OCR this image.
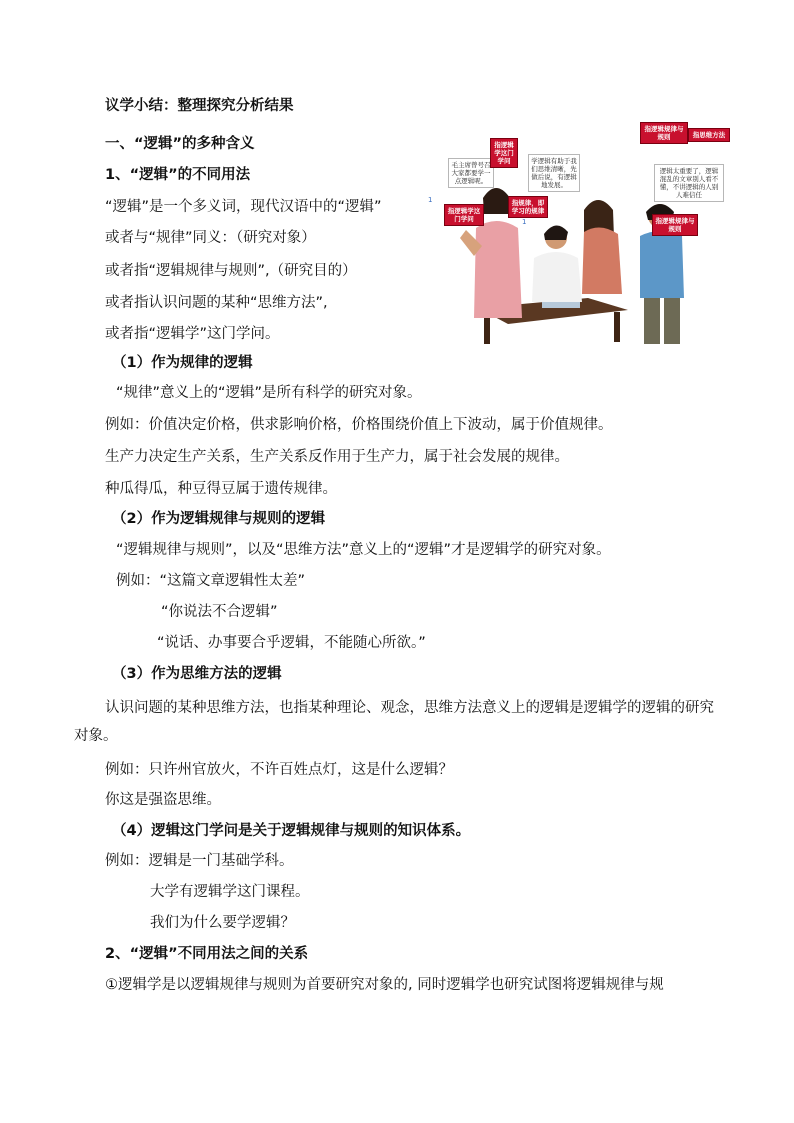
议学小结：整理探究分析结果
一、“逻辑”的多种含义
1、“逻辑”的不同用法
“逻辑”是一个多义词，现代汉语中的“逻辑”
或者与“规律”同义：（研究对象）
或者指“逻辑规律与规则”,（研究目的）
或者指认识问题的某种“思维方法”,
或者指“逻辑学”这门学问。
（1）作为规律的逻辑
“规律”意义上的“逻辑”是所有科学的研究对象。
例如：价值决定价格，供求影响价格，价格围绕价值上下波动，属于价值规律。
生产力决定生产关系，生产关系反作用于生产力，属于社会发展的规律。
种瓜得瓜，种豆得豆属于遗传规律。
（2）作为逻辑规律与规则的逻辑
“逻辑规律与规则”，以及“思维方法”意义上的“逻辑”才是逻辑学的研究对象。
例如：“这篇文章逻辑性太差”
“你说法不合逻辑”
“说话、办事要合乎逻辑，不能随心所欲。”
（3）作为思维方法的逻辑
认识问题的某种思维方法，也指某种理论、观念，思维方法意义上的逻辑是逻辑学的逻辑的研究对象。
例如：只许州官放火，不许百姓点灯，这是什么逻辑？
你这是强盗思维。
（4）逻辑这门学问是关于逻辑规律与规则的知识体系。
例如：逻辑是一门基础学科。
大学有逻辑学这门课程。
我们为什么要学逻辑？
2、“逻辑”不同用法之间的关系
①逻辑学是以逻辑规律与规则为首要研究对象的, 同时逻辑学也研究试图将逻辑规律与规
毛主席曾号召大家都要学一点逻辑呢。
学逻辑有助于我们思维清晰，先做后说，有逻辑地发展。
逻辑太重要了，逻辑混乱的文章别人看不懂，不讲逻辑的人别人难信任
指逻辑学这门学问
指逻辑学这门学问
指规律，即学习的规律
指逻辑规律与规则	指思维方法
指逻辑规律与规则
1
1
